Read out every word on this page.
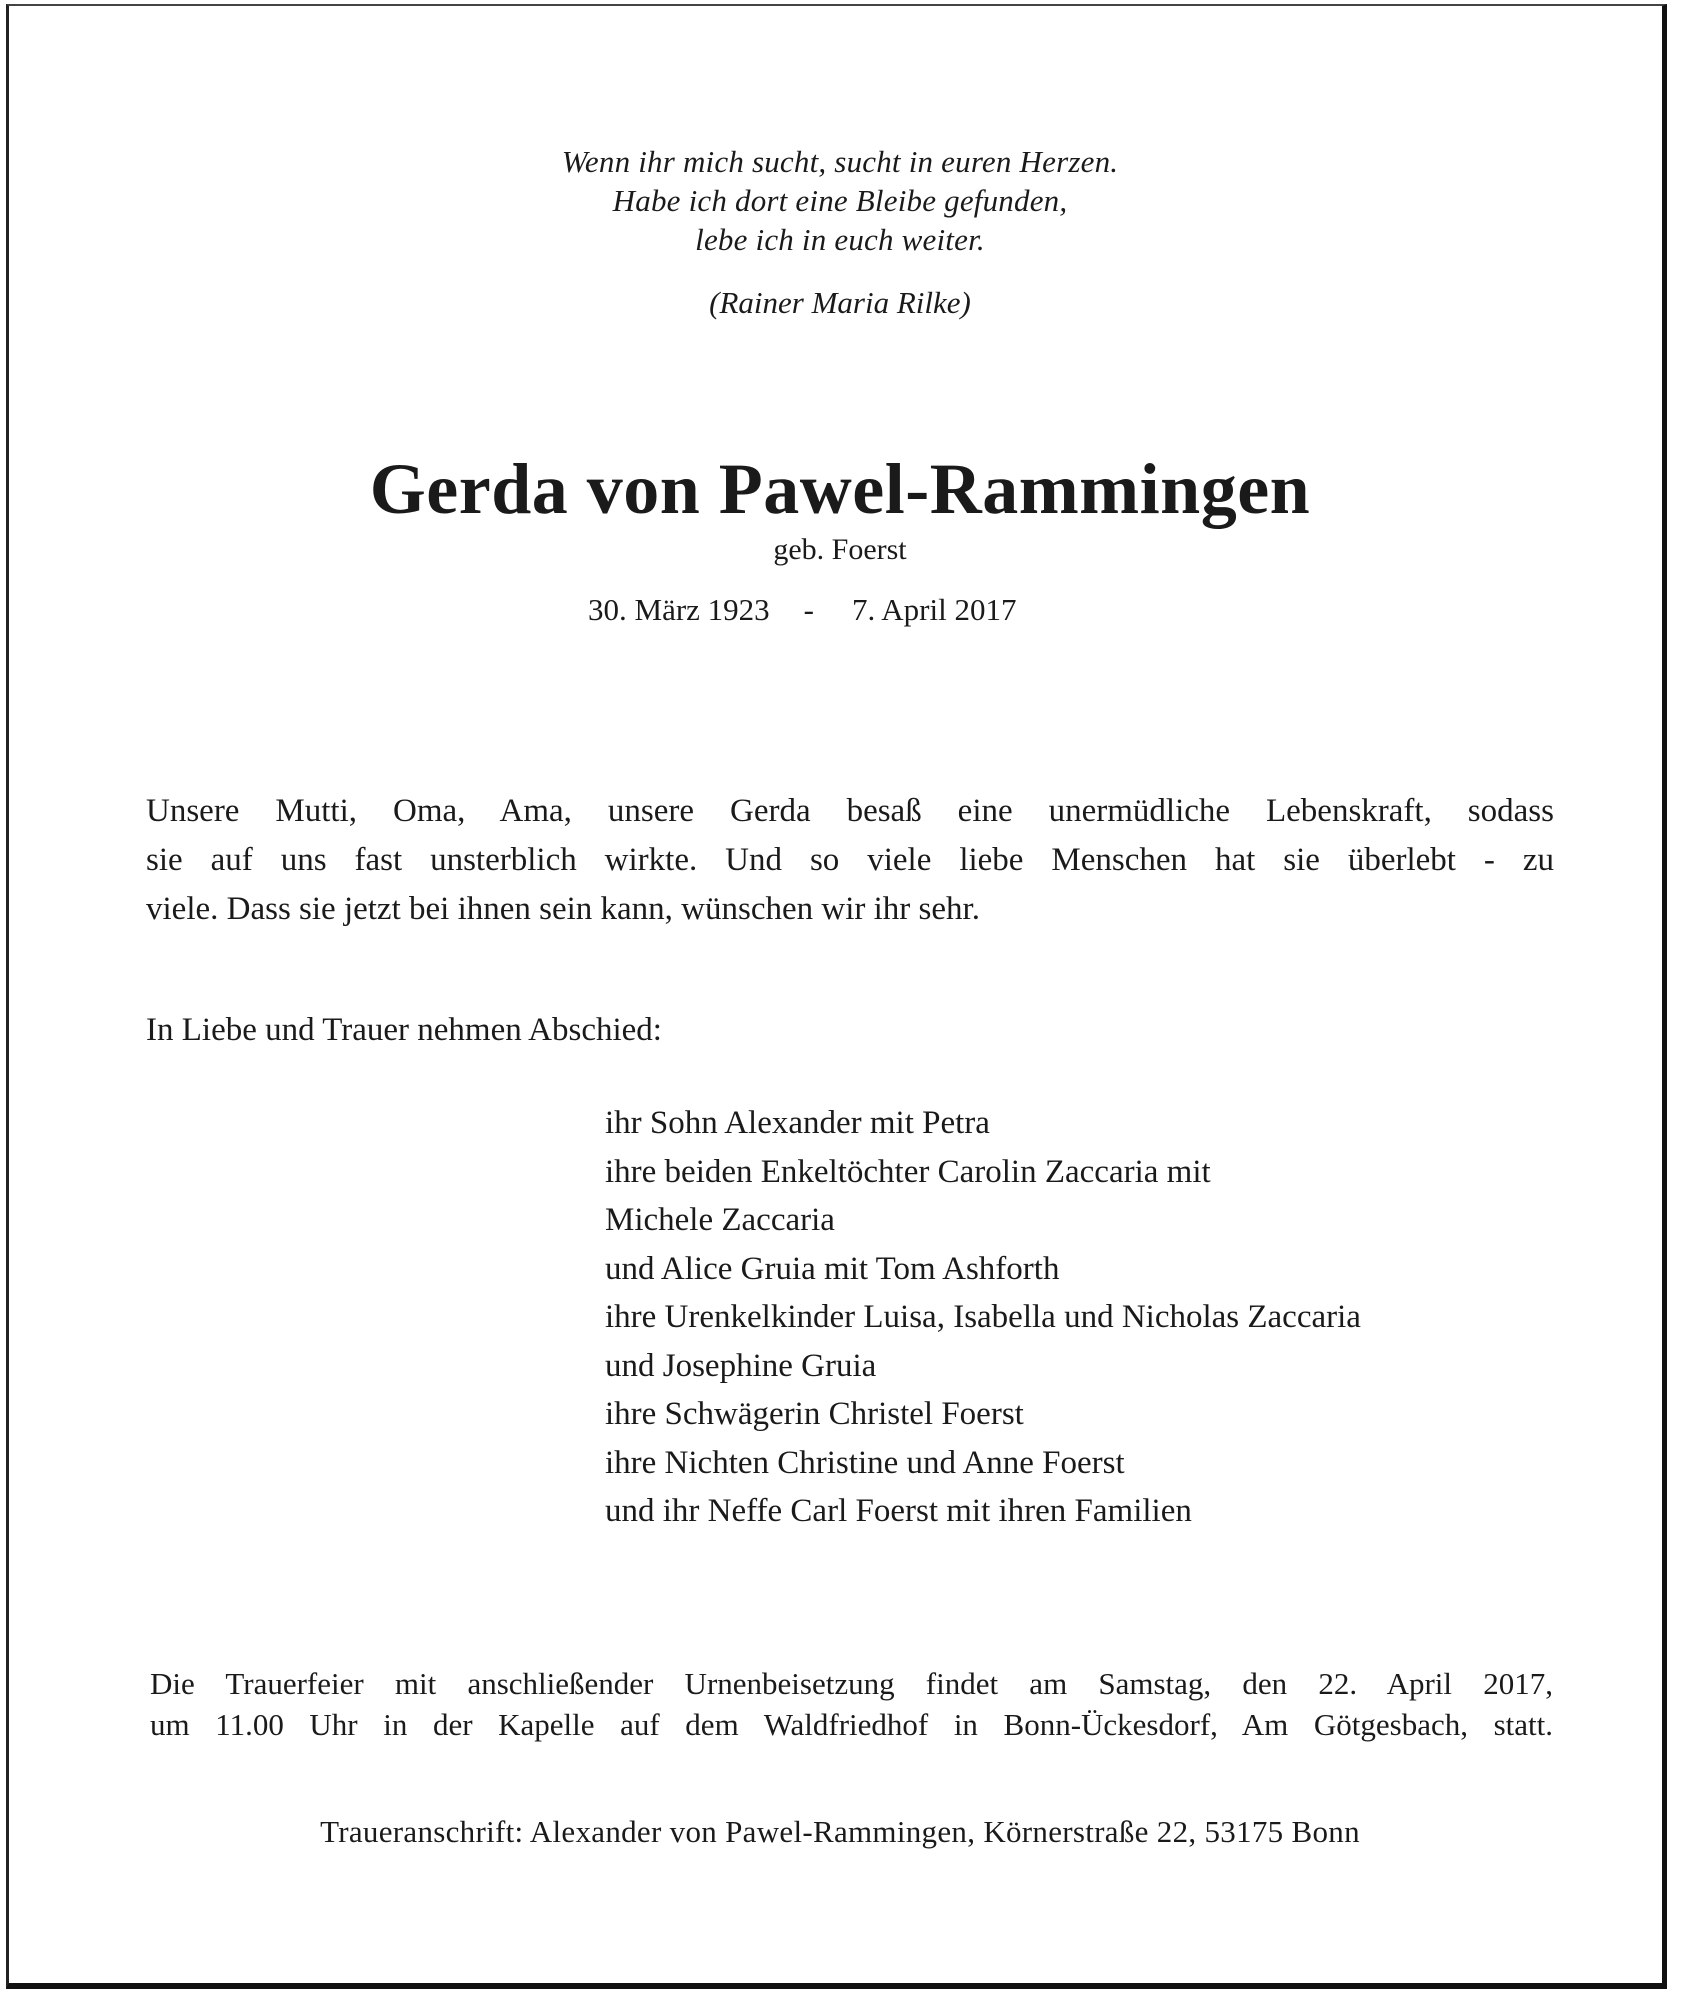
Wenn ihr mich sucht, sucht in euren Herzen.
Habe ich dort eine Bleibe gefunden,
lebe ich in euch weiter.
(Rainer Maria Rilke)
Gerda von Pawel-Rammingen
geb. Foerst
30. März 1923 - 7. April 2017
Unsere Mutti, Oma, Ama, unsere Gerda besaß eine unermüdliche Lebenskraft, sodass
sie auf uns fast unsterblich wirkte. Und so viele liebe Menschen hat sie überlebt - zu
viele. Dass sie jetzt bei ihnen sein kann, wünschen wir ihr sehr.
In Liebe und Trauer nehmen Abschied:
ihr Sohn Alexander mit Petra
ihre beiden Enkeltöchter Carolin Zaccaria mit
Michele Zaccaria
und Alice Gruia mit Tom Ashforth
ihre Urenkelkinder Luisa, Isabella und Nicholas Zaccaria
und Josephine Gruia
ihre Schwägerin Christel Foerst
ihre Nichten Christine und Anne Foerst
und ihr Neffe Carl Foerst mit ihren Familien
Die Trauerfeier mit anschließender Urnenbeisetzung findet am Samstag, den 22. April 2017,
um 11.00 Uhr in der Kapelle auf dem Waldfriedhof in Bonn-Ückesdorf, Am Götgesbach, statt.
Traueranschrift: Alexander von Pawel-Rammingen, Körnerstraße 22, 53175 Bonn
